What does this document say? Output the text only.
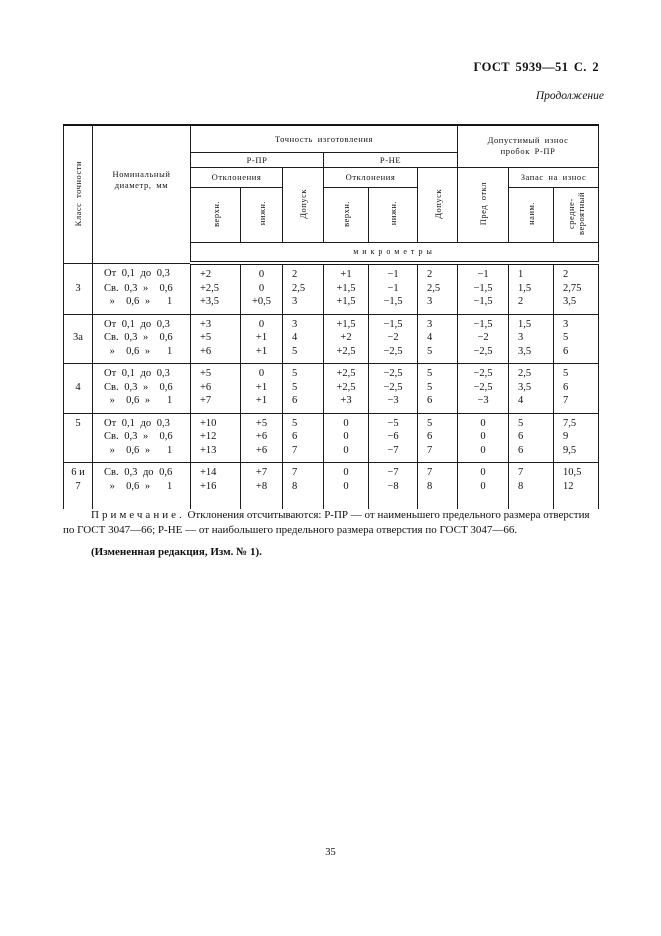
ГОСТ 5939—51 С. 2
Продолжение
Класс точности	Номинальный
диаметр, мм	Точность изготовления						Допустимый износ
пробок Р-ПР		
		Р-ПР			Р-НЕ					
		Отклонения		Допуск	Отклонения		Допуск	Пред откл	Запас на износ	
		верхн.	нижн.		верхн.	нижн.			наим.	средне-
вероятный
		микрометры								
	От 0,1 до 0,3	+2	0	2	+1	−1	2	−1	1	2
3	Св. 0,3 »  0,6	+2,5	0	2,5	+1,5	−1	2,5	−1,5	1,5	2,75
	»  0,6 »   1	+3,5	+0,5	3	+1,5	−1,5	3	−1,5	2	3,5
	От 0,1 до 0,3	+3	0	3	+1,5	−1,5	3	−1,5	1,5	3
3а	Св. 0,3 »  0,6	+5	+1	4	+2	−2	4	−2	3	5
	»  0,6 »   1	+6	+1	5	+2,5	−2,5	5	−2,5	3,5	6
	От 0,1 до 0,3	+5	0	5	+2,5	−2,5	5	−2,5	2,5	5
4	Св. 0,3 »  0,6	+6	+1	5	+2,5	−2,5	5	−2,5	3,5	6
	»  0,6 »   1	+7	+1	6	+3	−3	6	−3	4	7
5	От 0,1 до 0,3	+10	+5	5	0	−5	5	0	5	7,5
	Св. 0,3 »  0,6	+12	+6	6	0	−6	6	0	6	9
	»  0,6 »   1	+13	+6	7	0	−7	7	0	6	9,5
6 и	Св. 0,3 до 0,6	+14	+7	7	0	−7	7	0	7	10,5
7	»  0,6 »   1	+16	+8	8	0	−8	8	0	8	12

Примечание. Отклонения отсчитываются: Р-ПР — от наименьшего предельного размера отверстия по ГОСТ 3047—66; Р-НЕ — от наибольшего предельного размера отверстия по ГОСТ 3047—66.

(Измененная редакция, Изм. № 1).

35
